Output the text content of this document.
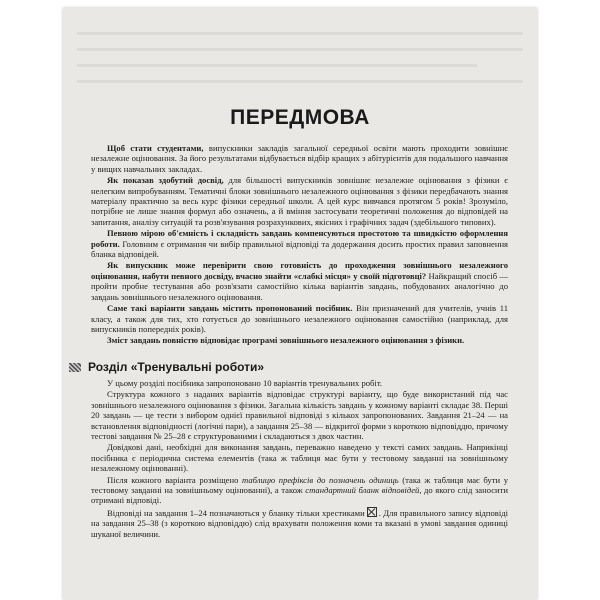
ПЕРЕДМОВА

Щоб стати студентами, випускники закладів загальної середньої освіти мають проходити зовнішнє незалежне оцінювання. За його результатами відбувається відбір кращих з абітурієнтів для подальшого навчання у вищих навчальних закладах.

Як показав здобутий досвід, для більшості випускників зовнішнє незалежне оцінювання з фізики є нелегким випробуванням. Тематичні блоки зовнішнього незалежного оцінювання з фізики передбачають знання матеріалу практично за весь курс фізики середньої школи. А цей курс вивчався протягом 5 років! Зрозуміло, потрібне не лише знання формул або означень, а й вміння застосувати теоретичні положення до відповідей на запитання, аналізу ситуацій та розв'язування розрахункових, якісних і графічних задач (здебільшого типових).

Певною мірою об'ємність і складність завдань компенсуються простотою та швидкістю оформлення роботи. Головним є отримання чи вибір правильної відповіді та додержання досить простих правил заповнення бланка відповідей.

Як випускник може перевірити свою готовність до проходження зовнішнього незалежного оцінювання, набути певного досвіду, вчасно знайти «слабкі місця» у своїй підготовці? Найкращий спосіб — пройти пробне тестування або розв'язати самостійно кілька варіантів завдань, побудованих аналогічно до завдань зовнішнього незалежного оцінювання.

Саме такі варіанти завдань містить пропонований посібник. Він призначений для учителів, учнів 11 класу, а також для тих, хто готується до зовнішнього незалежного оцінювання самостійно (наприклад, для випускників попередніх років).

Зміст завдань повністю відповідає програмі зовнішнього незалежного оцінювання з фізики.

Розділ «Тренувальні роботи»

У цьому розділі посібника запропоновано 10 варіантів тренувальних робіт.

Структура кожного з наданих варіантів відповідає структурі варіанту, що буде використаний під час зовнішнього незалежного оцінювання з фізики. Загальна кількість завдань у кожному варіанті складає 38. Перші 20 завдань — це тести з вибором однієї правильної відповіді з кількох запропонованих. Завдання 21–24 — на встановлення відповідності (логічні пари), а завдання 25–38 — відкритої форми з короткою відповіддю, причому тестові завдання № 25–28 є структурованими і складаються з двох частин.

Довідкові дані, необхідні для виконання завдань, переважно наведено у тексті самих завдань. Наприкінці посібника є періодична система елементів (така ж таблиця має бути у тестовому завданні на зовнішньому незалежному оцінюванні).

Після кожного варіанта розміщено таблицю префіксів до позначень одиниць (така ж таблиця має бути у тестовому завданні на зовнішньому оцінюванні), а також стандартний бланк відповідей, до якого слід заносити отримані відповіді.

Відповіді на завдання 1–24 позначаються у бланку тільки хрестиками . Для правильного запису відповіді на завдання 25–38 (з короткою відповіддю) слід врахувати положення коми та вказані в умові завдання одиниці шуканої величини.
